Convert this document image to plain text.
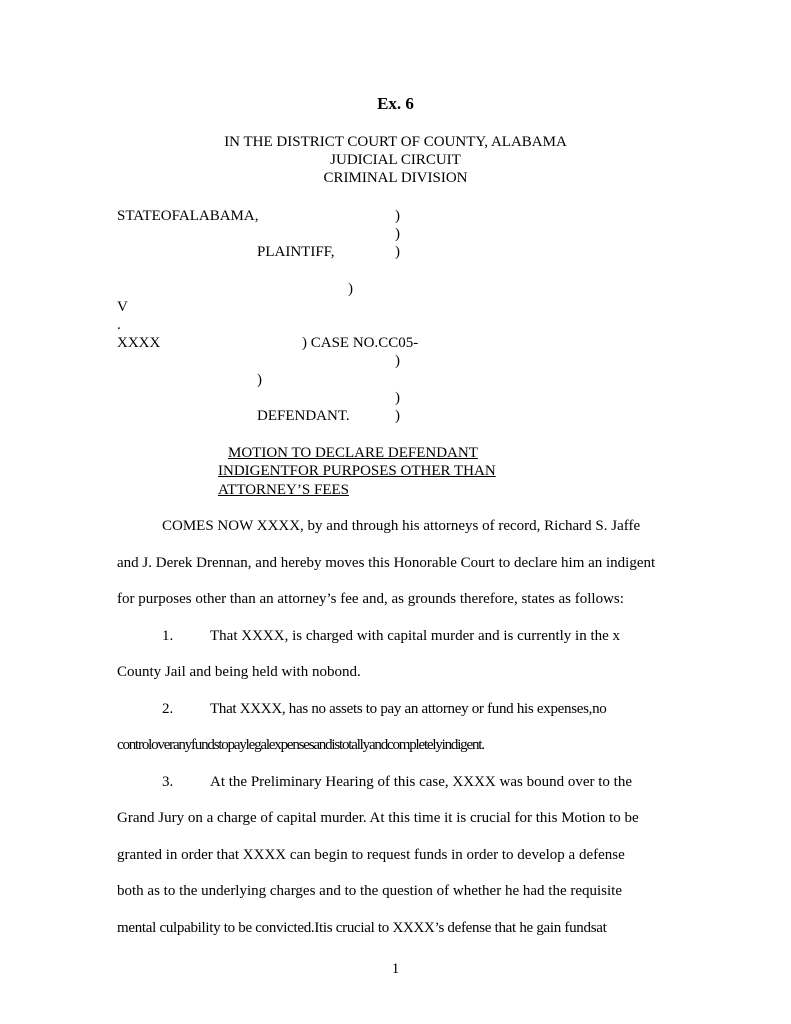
Ex. 6
IN THE DISTRICT COURT OF COUNTY, ALABAMA
JUDICIAL CIRCUIT
CRIMINAL DIVISION
STATEOFALABAMA,	)
)
PLAINTIFF,	)
)
V
.
XXXX	) CASE NO.CC05-
)
)
)
DEFENDANT.	)
MOTION TO DECLARE DEFENDANT
INDIGENTFOR PURPOSES OTHER THAN
ATTORNEY’S FEES
COMES NOW XXXX, by and through his attorneys of record, Richard S. Jaffe
and J. Derek Drennan, and hereby moves this Honorable Court to declare him an indigent
for purposes other than an attorney’s fee and, as grounds therefore, states as follows:
1. That XXXX, is charged with capital murder and is currently in the x
County Jail and being held with nobond.
2. That XXXX, has no assets to pay an attorney or fund his expenses,no
controloveranyfundstopaylegalexpensesandistotallyandcompletelyindigent.
3. At the Preliminary Hearing of this case, XXXX was bound over to the
Grand Jury on a charge of capital murder. At this time it is crucial for this Motion to be
granted in order that XXXX can begin to request funds in order to develop a defense
both as to the underlying charges and to the question of whether he had the requisite
mental culpability to be convicted.Itis crucial to XXXX’s defense that he gain fundsat
1
